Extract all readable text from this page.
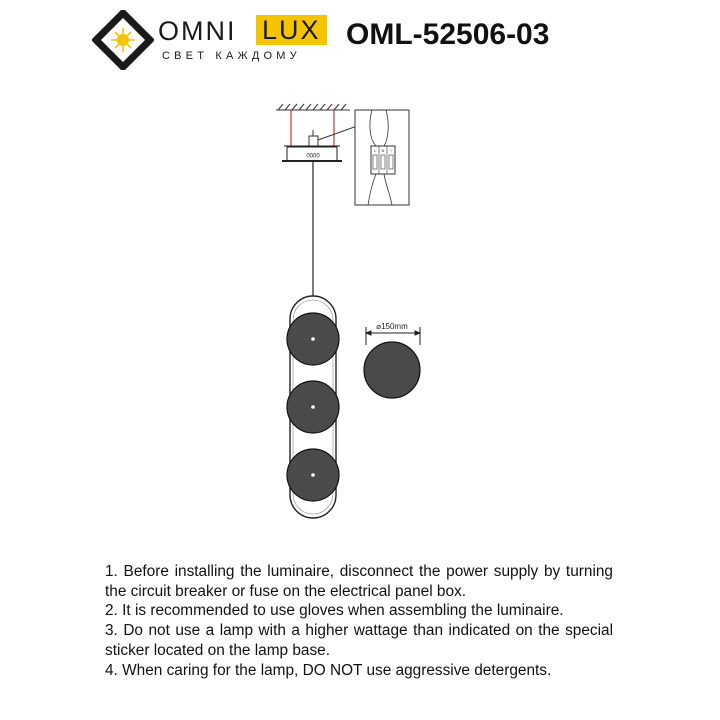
OMNI LUX
СВЕТ КАЖДОМУ
OML-52506-03
0000
L N ⏚
⌀150mm

1. Before installing the luminaire, disconnect the power supply by turning the circuit breaker or fuse on the electrical panel box.

2. It is recommended to use gloves when assembling the luminaire.

3. Do not use a lamp with a higher wattage than indicated on the special sticker located on the lamp base.

4. When caring for the lamp, DO NOT use aggressive detergents.
